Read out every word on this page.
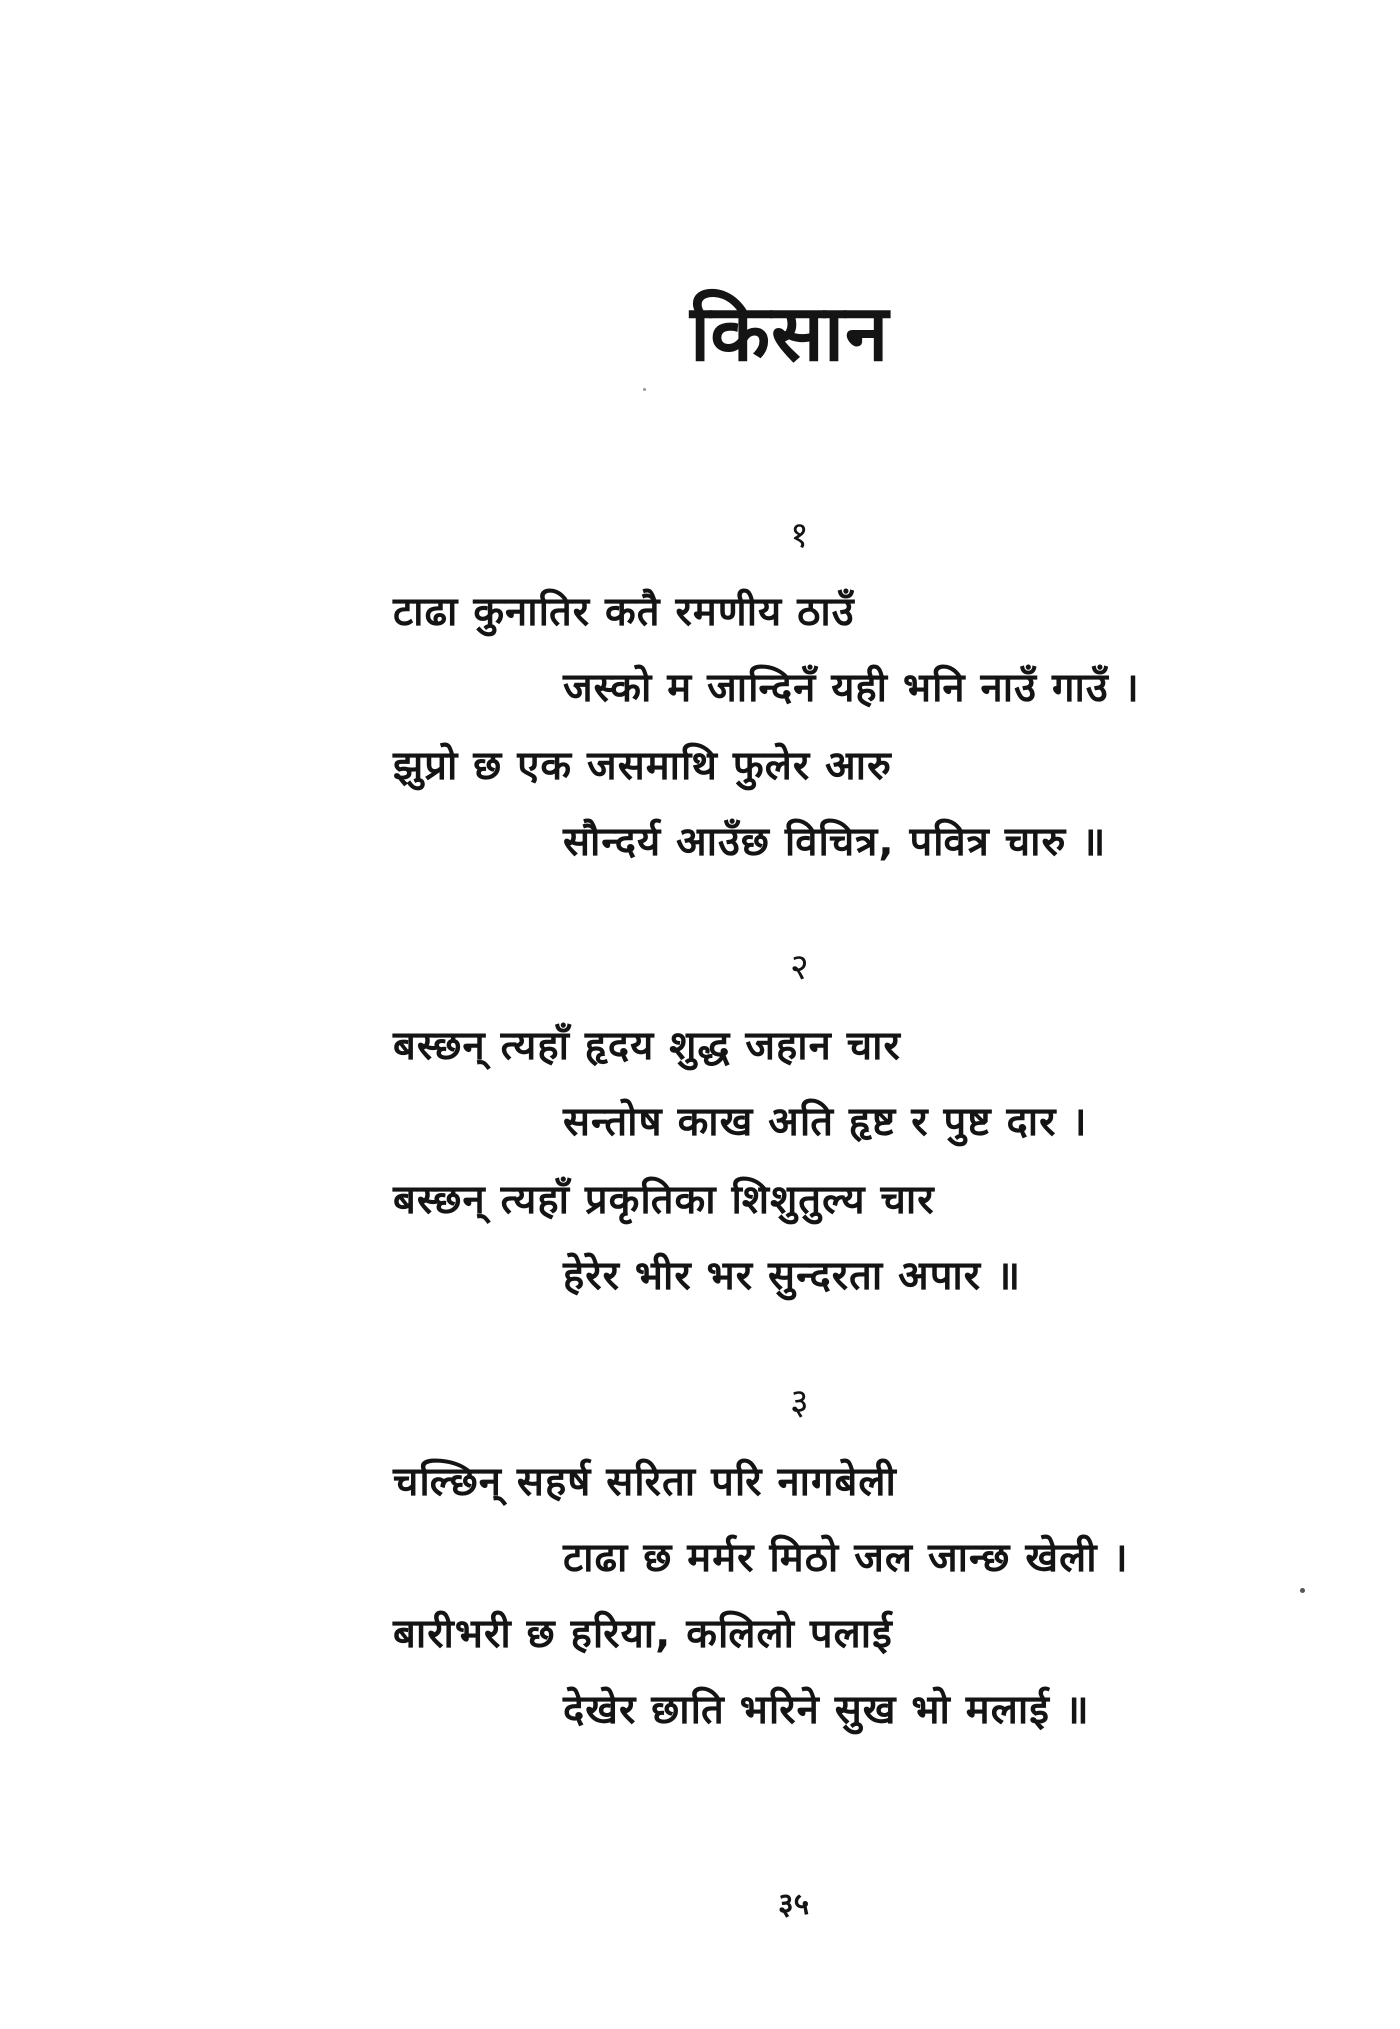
किसान
१
टाढा कुनातिर कतै रमणीय ठाउँ
जस्को म जान्दिनँ यही भनि नाउँ गाउँ ।
झुप्रो छ एक जसमाथि फुलेर आरु
सौन्दर्य आउँछ विचित्र, पवित्र चारु ॥
२
बस्छन् त्यहाँ हृदय शुद्ध जहान चार
सन्तोष काख अति हृष्ट र पुष्ट दार ।
बस्छन् त्यहाँ प्रकृतिका शिशुतुल्य चार
हेरेर भीर भर सुन्दरता अपार ॥
३
चल्छिन् सहर्ष सरिता परि नागबेली
टाढा छ मर्मर मिठो जल जान्छ खेली ।
बारीभरी छ हरिया, कलिलो पलाई
देखेर छाति भरिने सुख भो मलाई ॥
३५
